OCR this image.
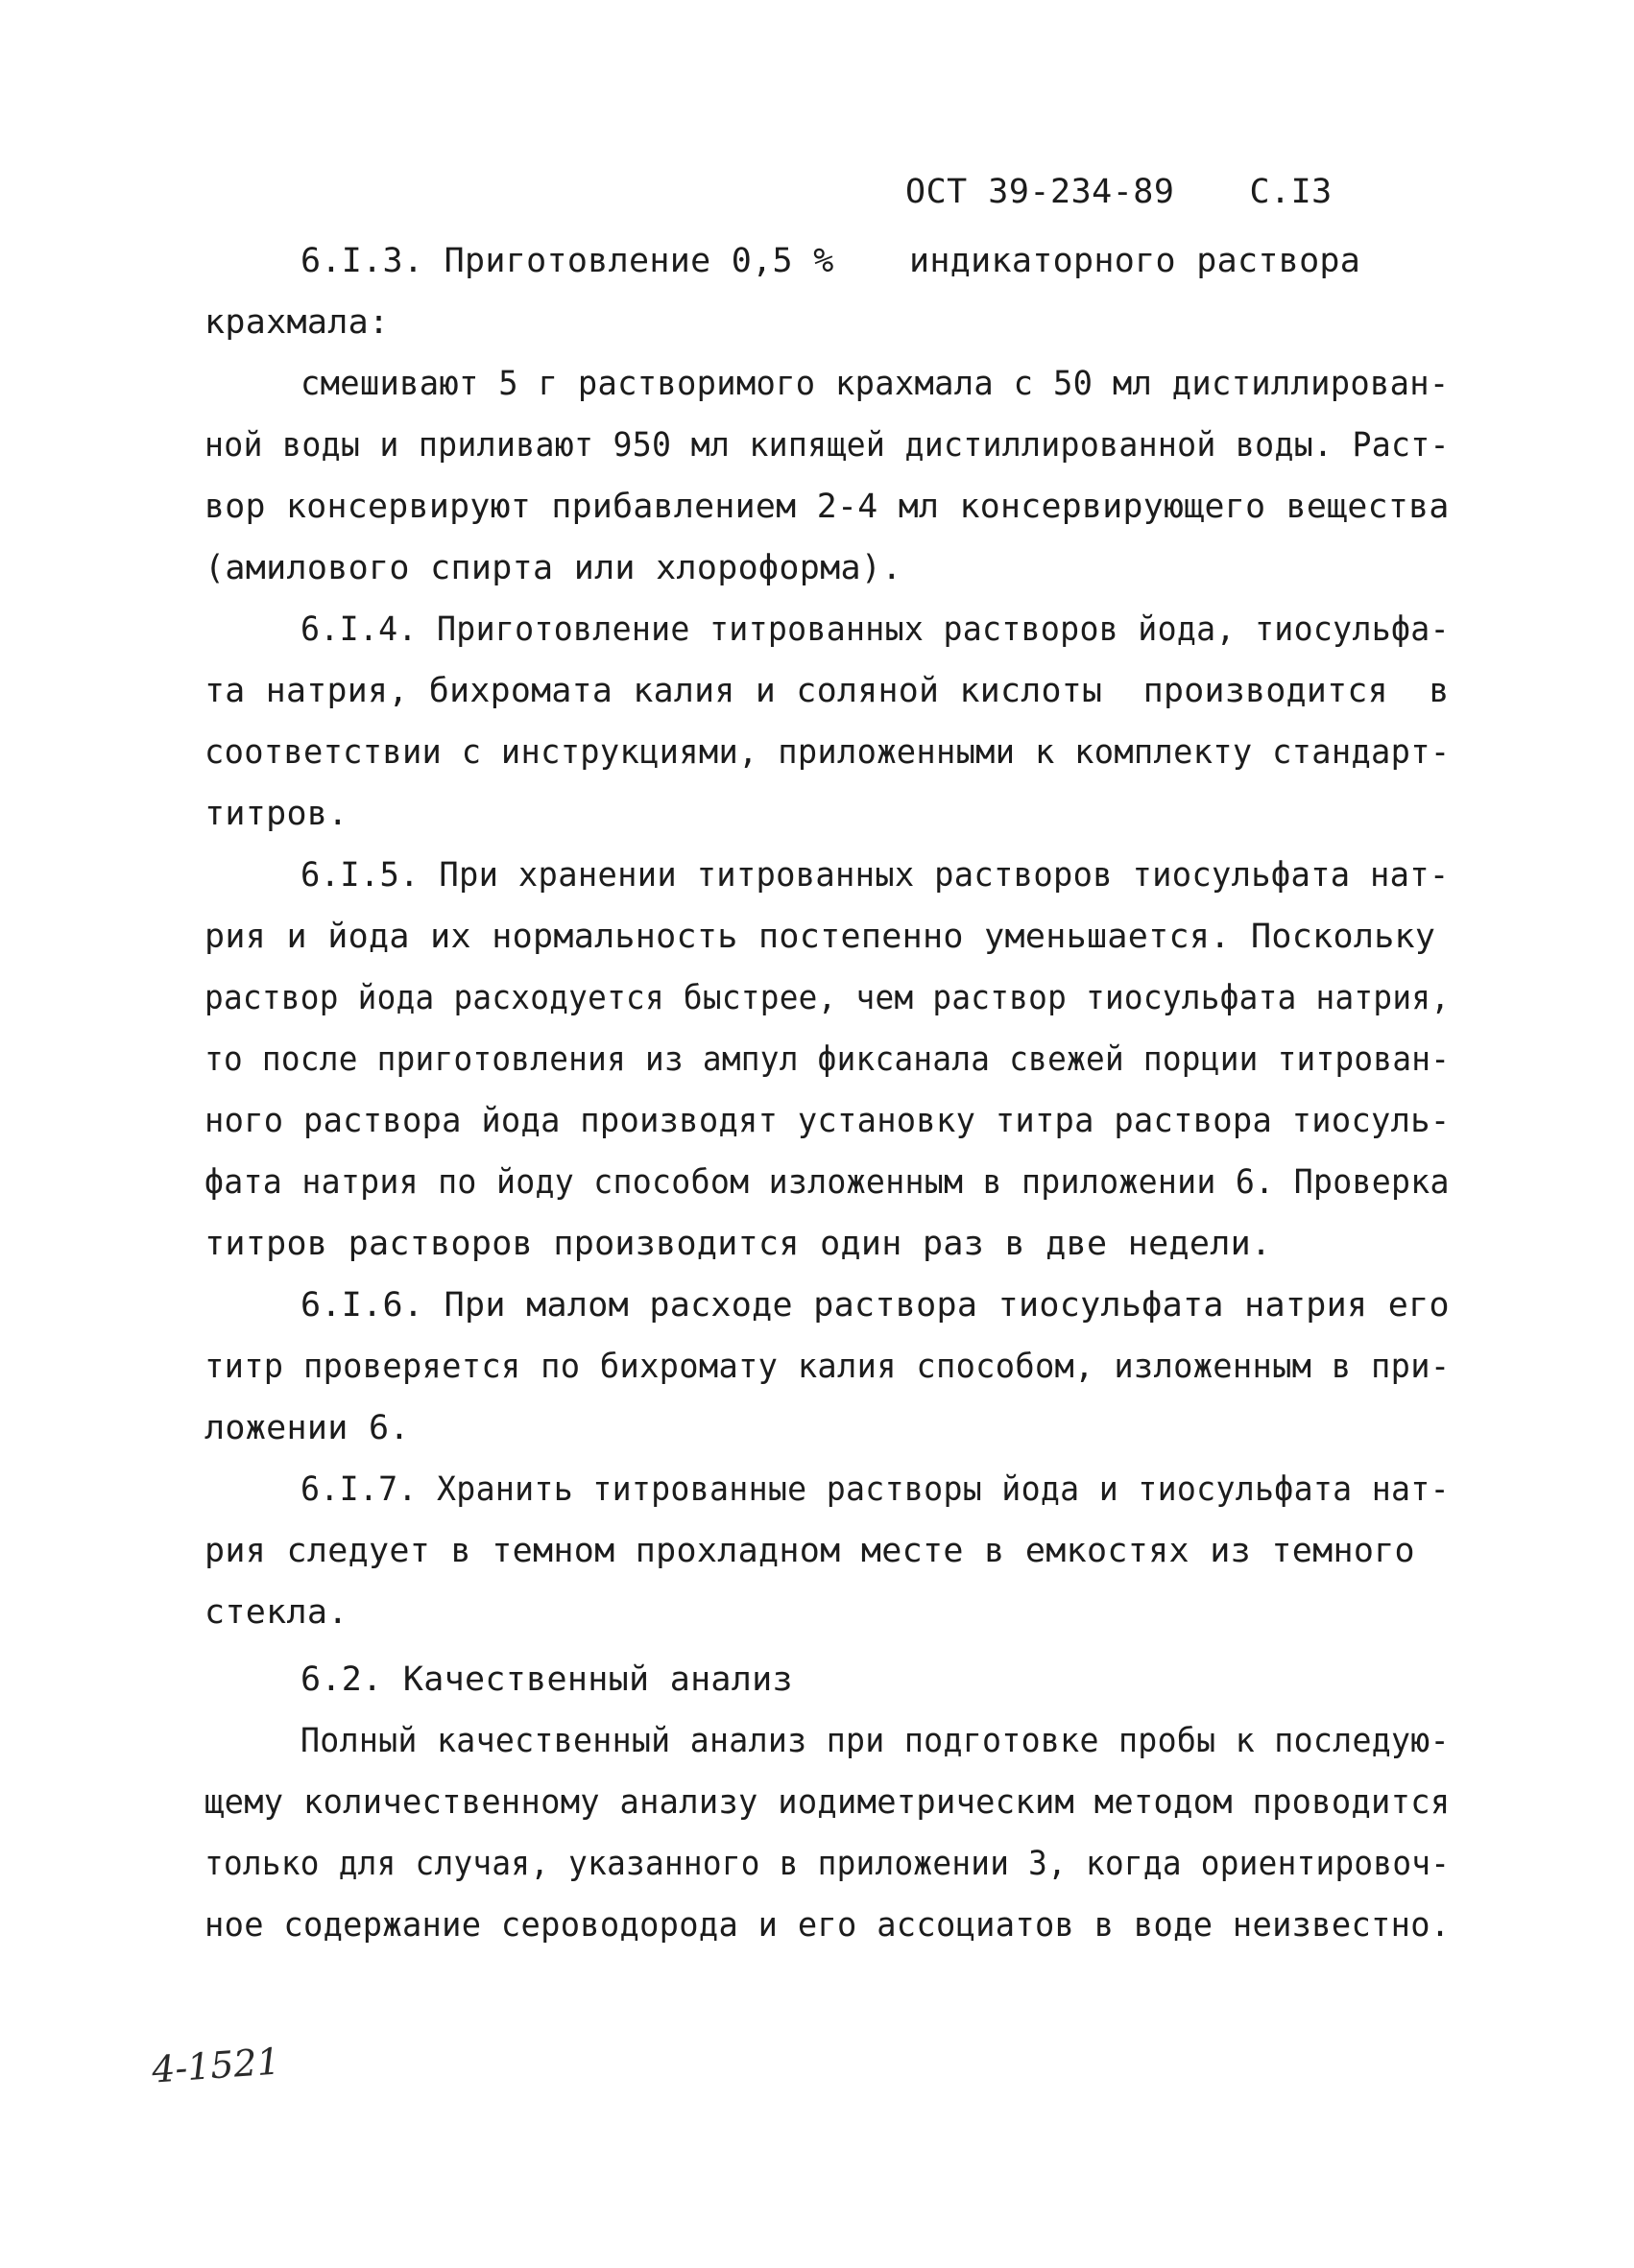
ОСТ 39-234-89 С.I3
6.I.3. Приготовление 0,5 % индикаторного раствора
крахмала:
смешивают 5 г растворимого крахмала с 50 мл дистиллирован-
ной воды и приливают 950 мл кипящей дистиллированной воды. Раст-
вор консервируют прибавлением 2-4 мл консервирующего вещества
(амилового спирта или хлороформа).
6.I.4. Приготовление титрованных растворов йода, тиосульфа-
та натрия, бихромата калия и соляной кислоты  производится  в
соответствии с инструкциями, приложенными к комплекту стандарт-
титров.
6.I.5. При хранении титрованных растворов тиосульфата нат-
рия и йода их нормальность постепенно уменьшается. Поскольку
раствор йода расходуется быстрее, чем раствор тиосульфата натрия,
то после приготовления из ампул фиксанала свежей порции титрован-
ного раствора йода производят установку титра раствора тиосуль-
фата натрия по йоду способом изложенным в приложении 6. Проверка
титров растворов производится один раз в две недели.
6.I.6. При малом расходе раствора тиосульфата натрия его
титр проверяется по бихромату калия способом, изложенным в при-
ложении 6.
6.I.7. Хранить титрованные растворы йода и тиосульфата нат-
рия следует в темном прохладном месте в емкостях из темного
стекла.
6.2. Качественный анализ
Полный качественный анализ при подготовке пробы к последую-
щему количественному анализу иодиметрическим методом проводится
только для случая, указанного в приложении 3, когда ориентировоч-
ное содержание сероводорода и его ассоциатов в воде неизвестно.
4-1521
